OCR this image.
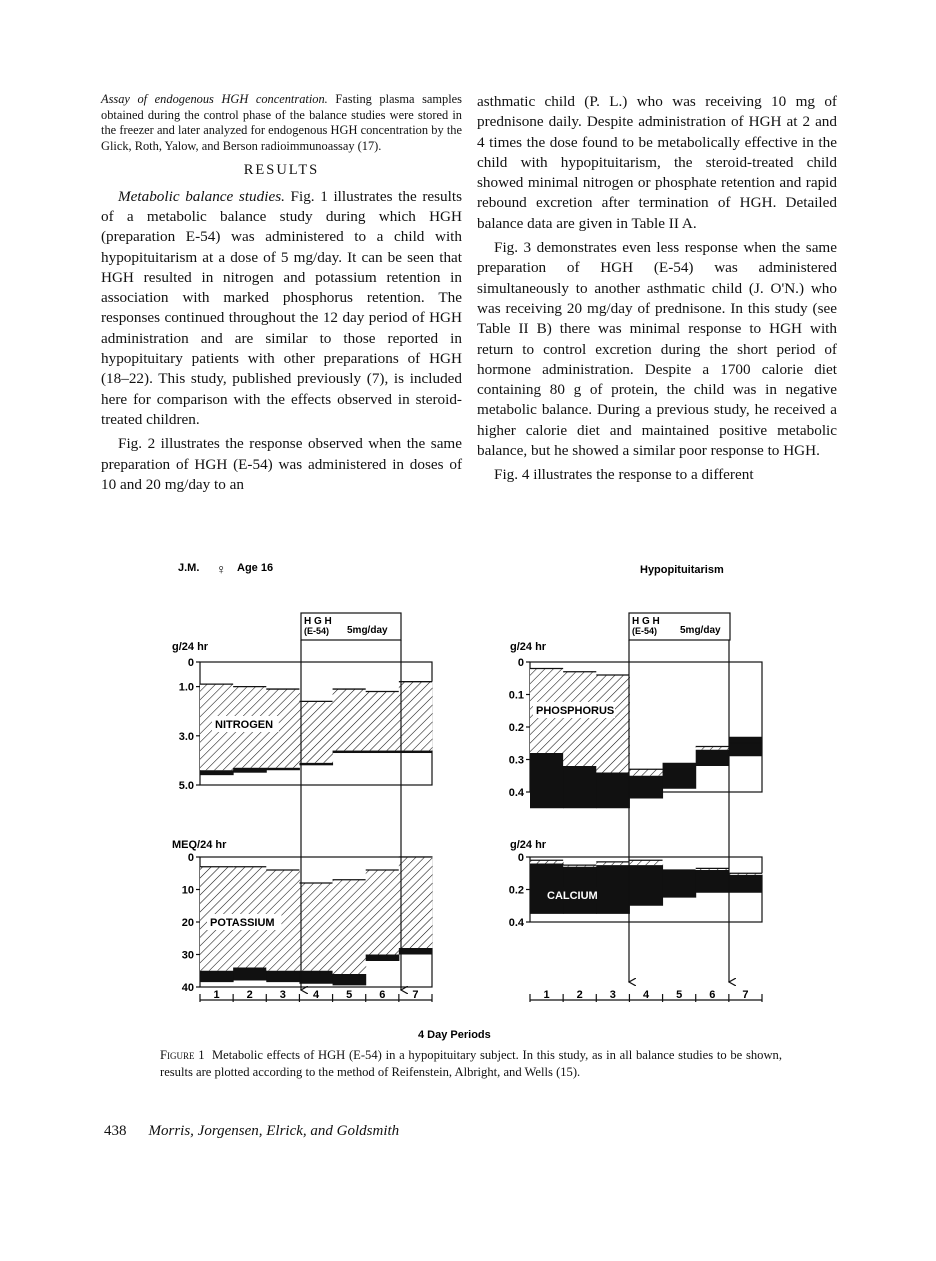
Assay of endogenous HGH concentration. Fasting plasma samples obtained during the control phase of the balance studies were stored in the freezer and later analyzed for endogenous HGH concentration by the Glick, Roth, Yalow, and Berson radioimmunoassay (17).

RESULTS

Metabolic balance studies. Fig. 1 illustrates the results of a metabolic balance study during which HGH (preparation E-54) was administered to a child with hypopituitarism at a dose of 5 mg/day. It can be seen that HGH resulted in nitrogen and potassium retention in association with marked phosphorus retention. The responses continued throughout the 12 day period of HGH administration and are similar to those reported in hypopituitary patients with other preparations of HGH (18–22). This study, published previously (7), is included here for comparison with the effects observed in steroid-treated children.

Fig. 2 illustrates the response observed when the same preparation of HGH (E-54) was administered in doses of 10 and 20 mg/day to an

asthmatic child (P. L.) who was receiving 10 mg of prednisone daily. Despite administration of HGH at 2 and 4 times the dose found to be metabolically effective in the child with hypopituitarism, the steroid-treated child showed minimal nitrogen or phosphate retention and rapid rebound excretion after termination of HGH. Detailed balance data are given in Table II A.

Fig. 3 demonstrates even less response when the same preparation of HGH (E-54) was administered simultaneously to another asthmatic child (J. O'N.) who was receiving 20 mg/day of prednisone. In this study (see Table II B) there was minimal response to HGH with return to control excretion during the short period of hormone administration. Despite a 1700 calorie diet containing 80 g of protein, the child was in negative metabolic balance. During a previous study, he received a higher calorie diet and maintained positive metabolic balance, but he showed a similar poor response to HGH.

Fig. 4 illustrates the response to a different

J.M. ♀ Age 16	Hypopituitarism
H G H
(E-54) 5mg/day
H G H
(E-54) 5mg/day
0
1.0
3.0
5.0
g/24 hr
NITROGEN
0
10
20
30
40
MEQ/24 hr
POTASSIUM
0
0.1
0.2
0.3
0.4
g/24 hr
PHOSPHORUS
0
0.2
0.4
g/24 hr
CALCIUM
1 2 3 4 5 6 7	1 2 3 4 5 6 7
4 Day Periods
Figure 1 Metabolic effects of HGH (E-54) in a hypopituitary subject. In this study, as in all balance studies to be shown, results are plotted according to the method of Reifenstein, Albright, and Wells (15).
438 Morris, Jorgensen, Elrick, and Goldsmith
